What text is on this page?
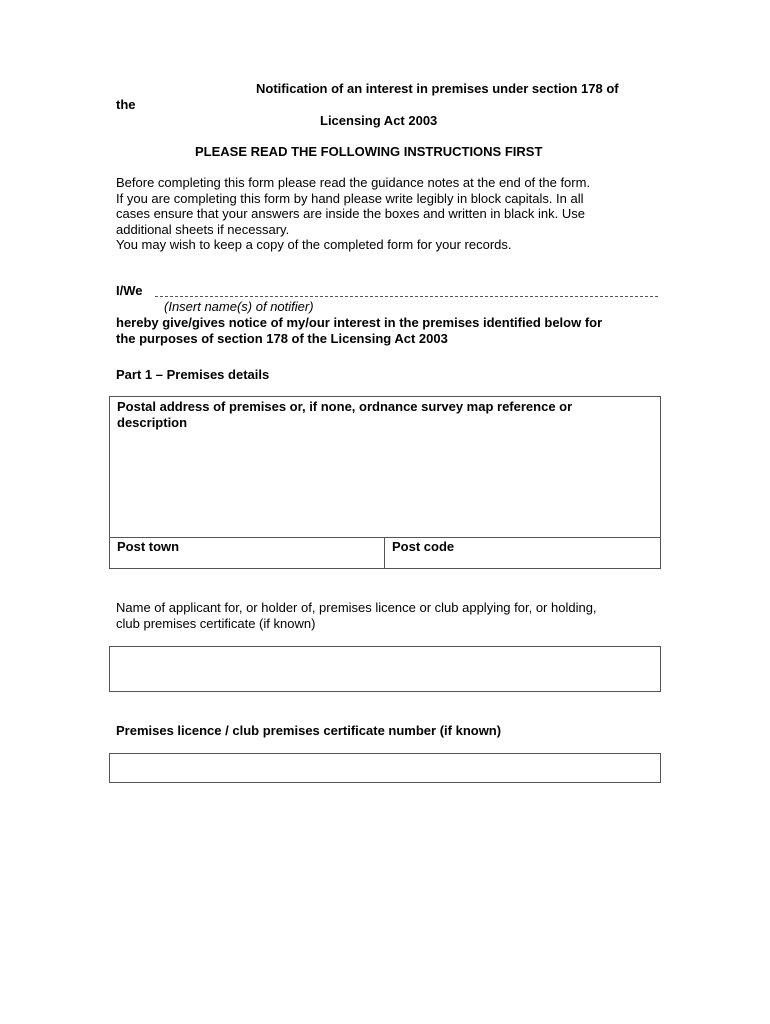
Notification of an interest in premises under section 178 of
the
Licensing Act 2003
PLEASE READ THE FOLLOWING INSTRUCTIONS FIRST
Before completing this form please read the guidance notes at the end of the form.
If you are completing this form by hand please write legibly in block capitals. In all
cases ensure that your answers are inside the boxes and written in black ink. Use
additional sheets if necessary.
You may wish to keep a copy of the completed form for your records.
I/We
(Insert name(s) of notifier)
hereby give/gives notice of my/our interest in the premises identified below for
the purposes of section 178 of the Licensing Act 2003
Part 1 – Premises details
Postal address of premises or, if none, ordnance survey map reference or
description
Post town	Post code
Name of applicant for, or holder of, premises licence or club applying for, or holding,
club premises certificate (if known)
Premises licence / club premises certificate number (if known)
